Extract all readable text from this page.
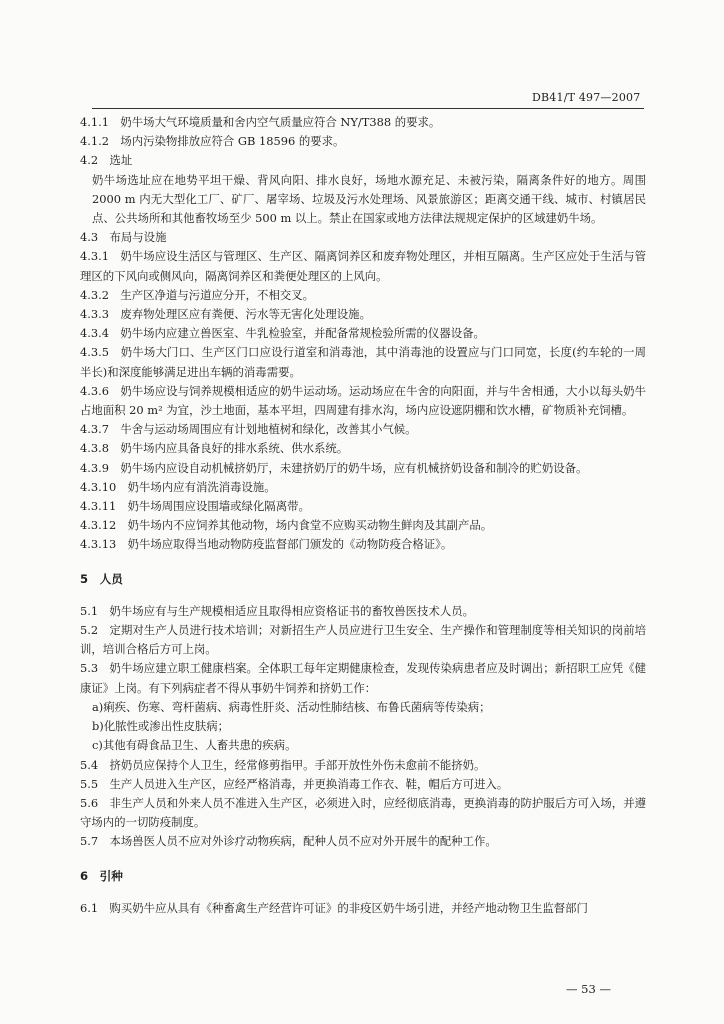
DB41/T 497—2007

4.1.1　奶牛场大气环境质量和舍内空气质量应符合 NY/T388 的要求。

4.1.2　场内污染物排放应符合 GB 18596 的要求。

4.2　选址

奶牛场选址应在地势平坦干燥、背风向阳、排水良好，场地水源充足、未被污染，隔离条件好的地方。周围 2000 m 内无大型化工厂、矿厂、屠宰场、垃圾及污水处理场、风景旅游区；距离交通干线、城市、村镇居民点、公共场所和其他畜牧场至少 500 m 以上。禁止在国家或地方法律法规规定保护的区域建奶牛场。

4.3　布局与设施

4.3.1　奶牛场应设生活区与管理区、生产区、隔离饲养区和废弃物处理区，并相互隔离。生产区应处于生活与管理区的下风向或侧风向，隔离饲养区和粪便处理区的上风向。

4.3.2　生产区净道与污道应分开，不相交叉。

4.3.3　废弃物处理区应有粪便、污水等无害化处理设施。

4.3.4　奶牛场内应建立兽医室、牛乳检验室，并配备常规检验所需的仪器设备。

4.3.5　奶牛场大门口、生产区门口应设行道室和消毒池，其中消毒池的设置应与门口同宽，长度(约车轮的一周半长)和深度能够满足进出车辆的消毒需要。

4.3.6　奶牛场应设与饲养规模相适应的奶牛运动场。运动场应在牛舍的向阳面，并与牛舍相通，大小以每头奶牛占地面积 20 m² 为宜，沙土地面，基本平坦，四周建有排水沟，场内应设遮阴棚和饮水槽，矿物质补充饲槽。

4.3.7　牛舍与运动场周围应有计划地植树和绿化，改善其小气候。

4.3.8　奶牛场内应具备良好的排水系统、供水系统。

4.3.9　奶牛场内应设自动机械挤奶厅，未建挤奶厅的奶牛场，应有机械挤奶设备和制冷的贮奶设备。

4.3.10　奶牛场内应有消洗消毒设施。

4.3.11　奶牛场周围应设围墙或绿化隔离带。

4.3.12　奶牛场内不应饲养其他动物，场内食堂不应购买动物生鲜肉及其副产品。

4.3.13　奶牛场应取得当地动物防疫监督部门颁发的《动物防疫合格证》。

5　人员

5.1　奶牛场应有与生产规模相适应且取得相应资格证书的畜牧兽医技术人员。

5.2　定期对生产人员进行技术培训；对新招生产人员应进行卫生安全、生产操作和管理制度等相关知识的岗前培训，培训合格后方可上岗。

5.3　奶牛场应建立职工健康档案。全体职工每年定期健康检查，发现传染病患者应及时调出；新招职工应凭《健康证》上岗。有下列病症者不得从事奶牛饲养和挤奶工作：

a)痢疾、伤寒、弯杆菌病、病毒性肝炎、活动性肺结核、布鲁氏菌病等传染病；

b)化脓性或渗出性皮肤病；

c)其他有碍食品卫生、人畜共患的疾病。

5.4　挤奶员应保持个人卫生，经常修剪指甲。手部开放性外伤未愈前不能挤奶。

5.5　生产人员进入生产区，应经严格消毒，并更换消毒工作衣、鞋，帽后方可进入。

5.6　非生产人员和外来人员不准进入生产区，必须进入时，应经彻底消毒，更换消毒的防护服后方可入场，并遵守场内的一切防疫制度。

5.7　本场兽医人员不应对外诊疗动物疾病，配种人员不应对外开展牛的配种工作。

6　引种

6.1　购买奶牛应从具有《种畜禽生产经营许可证》的非疫区奶牛场引进，并经产地动物卫生监督部门

— 53 —
